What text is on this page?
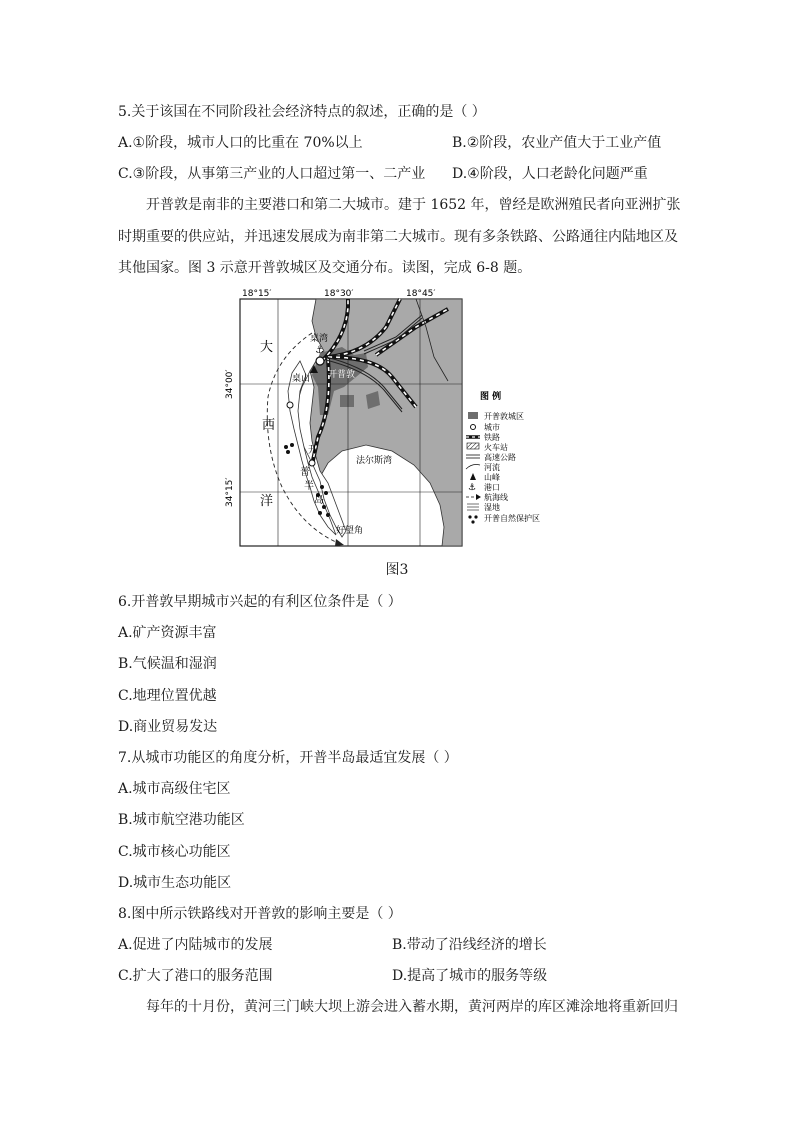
5.关于该国在不同阶段社会经济特点的叙述，正确的是（ ）
A.①阶段，城市人口的比重在 70%以上	B.②阶段，农业产值大于工业产值
C.③阶段，从事第三产业的人口超过第一、二产业 D.④阶段，人口老龄化问题严重
开普敦是南非的主要港口和第二大城市。建于 1652 年，曾经是欧洲殖民者向亚洲扩张
时期重要的供应站，并迅速发展成为南非第二大城市。现有多条铁路、公路通往内陆地区及
其他国家。图 3 示意开普敦城区及交通分布。读图，完成 6-8 题。
⚓
18°15′	18°30′	18°45′
34°00′
34°15′
大
西
洋
桌湾
桌山 开普敦
法尔斯湾
开
普
半
岛
好望角
图 例
⚓
开普敦城区
城市
铁路
火车站
高速公路
河流
山峰
港口
航海线
湿地
开普自然保护区
图3
6.开普敦早期城市兴起的有利区位条件是（ ）
A.矿产资源丰富
B.气候温和湿润
C.地理位置优越
D.商业贸易发达
7.从城市功能区的角度分析，开普半岛最适宜发展（ ）
A.城市高级住宅区
B.城市航空港功能区
C.城市核心功能区
D.城市生态功能区
8.图中所示铁路线对开普敦的影响主要是（ ）
A.促进了内陆城市的发展	B.带动了沿线经济的增长
C.扩大了港口的服务范围	D.提高了城市的服务等级
每年的十月份，黄河三门峡大坝上游会进入蓄水期，黄河两岸的库区滩涂地将重新回归
